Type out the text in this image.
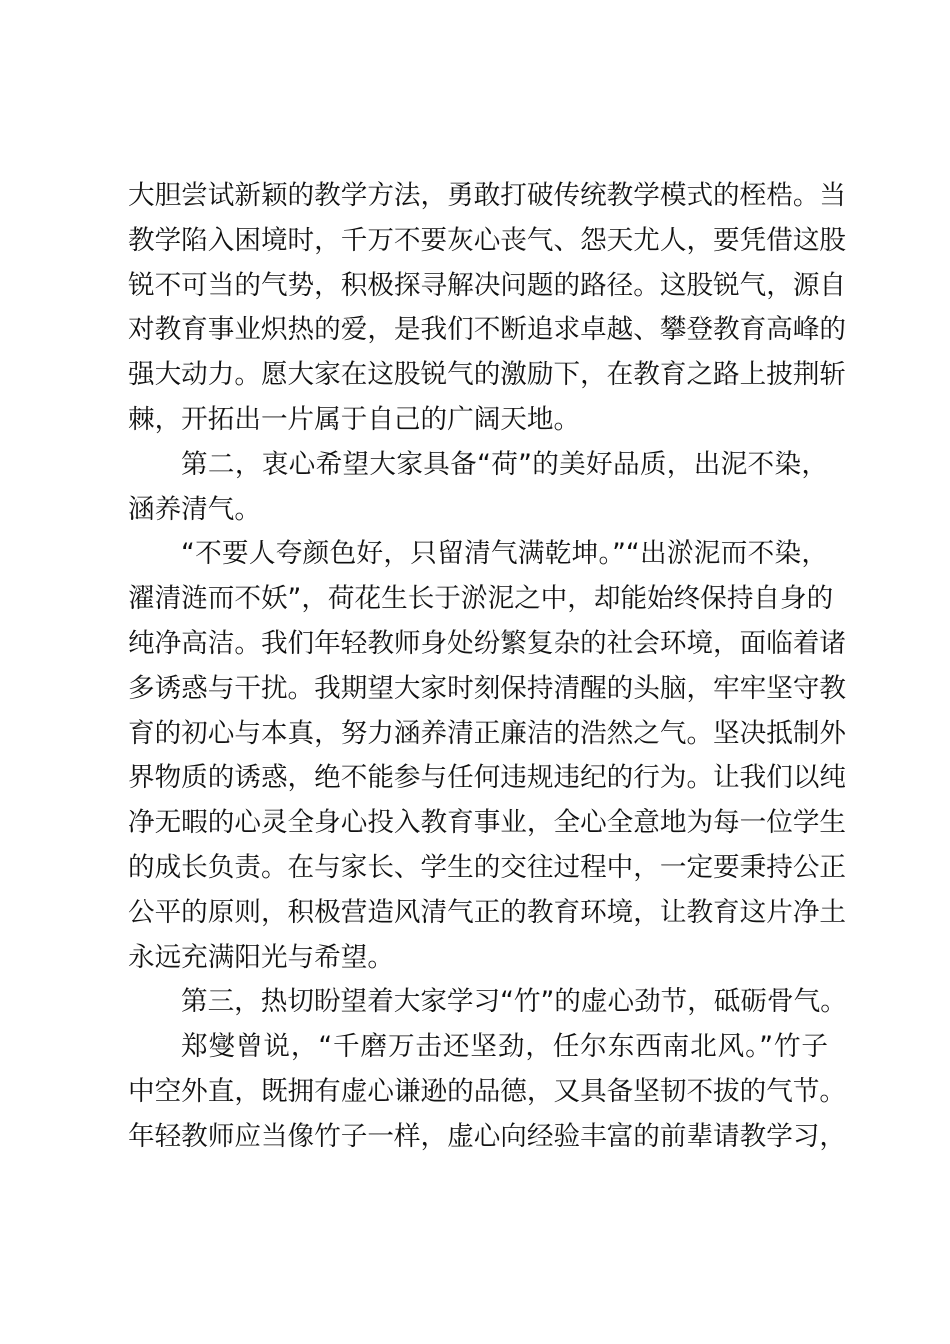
大胆尝试新颖的教学方法，勇敢打破传统教学模式的桎梏。当
教学陷入困境时，千万不要灰心丧气、怨天尤人，要凭借这股
锐不可当的气势，积极探寻解决问题的路径。这股锐气，源自
对教育事业炽热的爱，是我们不断追求卓越、攀登教育高峰的
强大动力。愿大家在这股锐气的激励下，在教育之路上披荆斩
棘，开拓出一片属于自己的广阔天地。
第二，衷心希望大家具备“荷”的美好品质，出泥不染，
涵养清气。
“不要人夸颜色好，只留清气满乾坤。”“出淤泥而不染，
濯清涟而不妖”，荷花生长于淤泥之中，却能始终保持自身的
纯净高洁。我们年轻教师身处纷繁复杂的社会环境，面临着诸
多诱惑与干扰。我期望大家时刻保持清醒的头脑，牢牢坚守教
育的初心与本真，努力涵养清正廉洁的浩然之气。坚决抵制外
界物质的诱惑，绝不能参与任何违规违纪的行为。让我们以纯
净无暇的心灵全身心投入教育事业，全心全意地为每一位学生
的成长负责。在与家长、学生的交往过程中，一定要秉持公正
公平的原则，积极营造风清气正的教育环境，让教育这片净土
永远充满阳光与希望。
第三，热切盼望着大家学习“竹”的虚心劲节，砥砺骨气。
郑燮曾说，“千磨万击还坚劲，任尔东西南北风。”竹子
中空外直，既拥有虚心谦逊的品德，又具备坚韧不拔的气节。
年轻教师应当像竹子一样，虚心向经验丰富的前辈请教学习，
